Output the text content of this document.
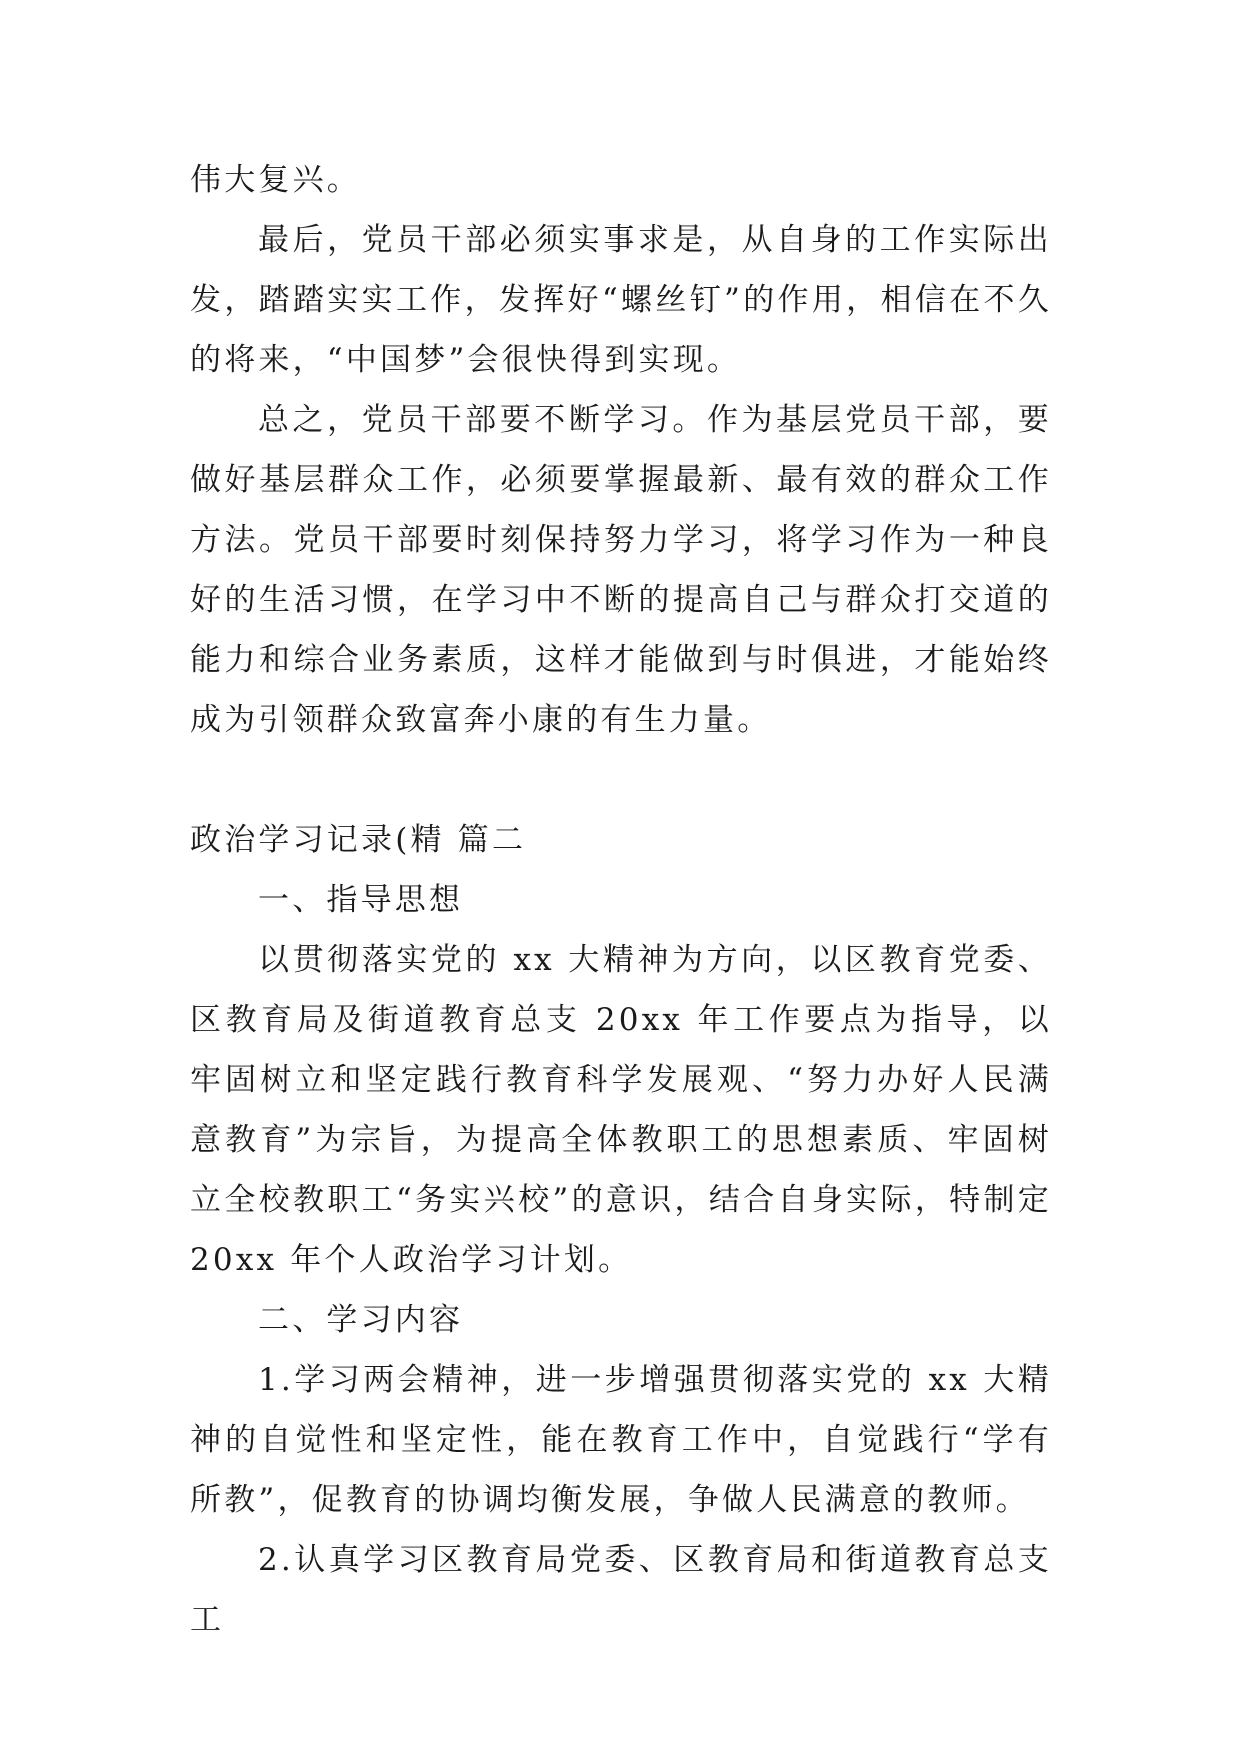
伟大复兴。

最后，党员干部必须实事求是，从自身的工作实际出发，踏踏实实工作，发挥好“螺丝钉”的作用，相信在不久的将来，“中国梦”会很快得到实现。

总之，党员干部要不断学习。作为基层党员干部，要做好基层群众工作，必须要掌握最新、最有效的群众工作方法。党员干部要时刻保持努力学习，将学习作为一种良好的生活习惯，在学习中不断的提高自己与群众打交道的能力和综合业务素质，这样才能做到与时俱进，才能始终成为引领群众致富奔小康的有生力量。

政治学习记录(精 篇二

一、指导思想

以贯彻落实党的 xx 大精神为方向，以区教育党委、区教育局及街道教育总支 20xx 年工作要点为指导，以牢固树立和坚定践行教育科学发展观、“努力办好人民满意教育”为宗旨，为提高全体教职工的思想素质、牢固树立全校教职工“务实兴校”的意识，结合自身实际，特制定 20xx 年个人政治学习计划。

二、学习内容

1.学习两会精神，进一步增强贯彻落实党的 xx 大精神的自觉性和坚定性，能在教育工作中，自觉践行“学有所教”，促教育的协调均衡发展，争做人民满意的教师。

2.认真学习区教育局党委、区教育局和街道教育总支工
